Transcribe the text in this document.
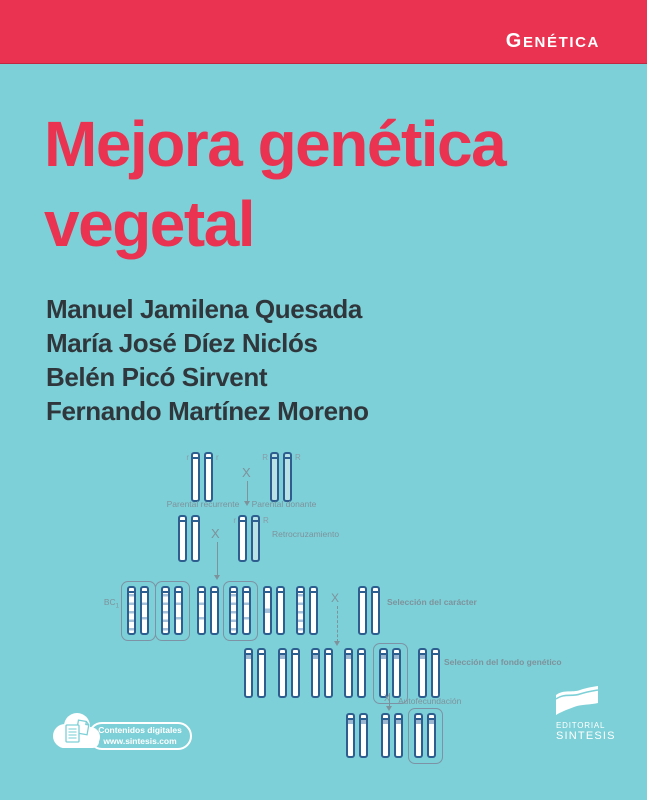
GENÉTICA
Mejora genética
vegetal
Manuel Jamilena Quesada
María José Díez Niclós
Belén Picó Sirvent
Fernando Martínez Moreno
r	r	R	R
r	R
Parental recurrente Parental donante
Retrocruzamiento
$BC_1$	Selección del carácter
Selección del fondo genético
Autofecundación
X
X
X
X
Contenidos digitales
www.sintesis.com
EDITORIAL
SINTESIS
